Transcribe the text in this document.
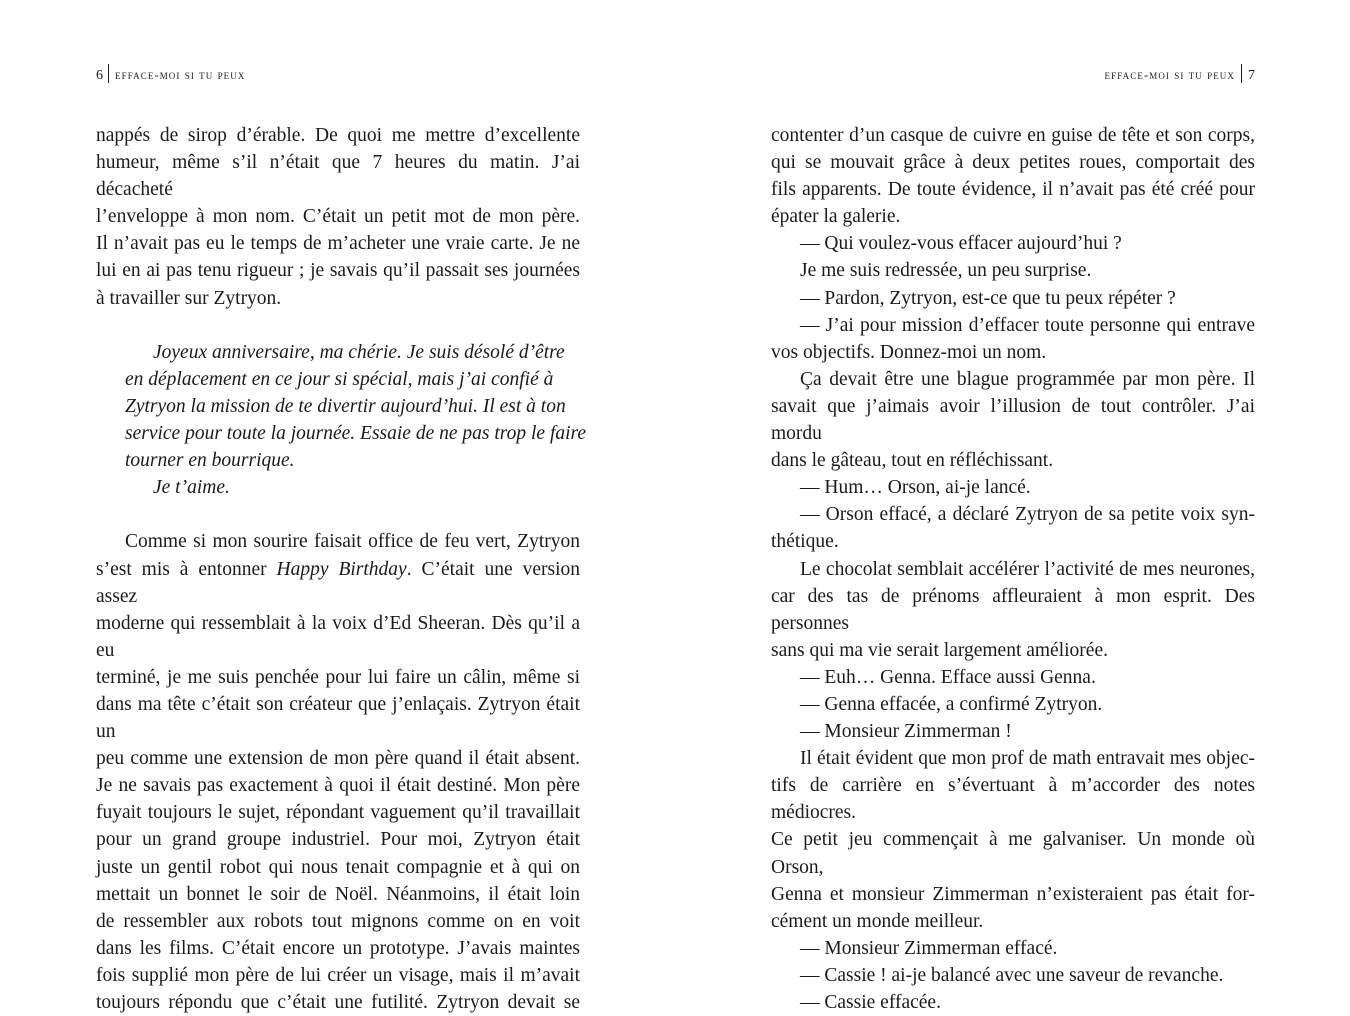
6 efface-moi si tu peux
nappés de sirop d’érable. De quoi me mettre d’excellente
humeur, même s’il n’était que 7 heures du matin. J’ai décacheté
l’enveloppe à mon nom. C’était un petit mot de mon père.
Il n’avait pas eu le temps de m’acheter une vraie carte. Je ne
lui en ai pas tenu rigueur ; je savais qu’il passait ses journées
à travailler sur Zytryon.
Joyeux anniversaire, ma chérie. Je suis désolé d’être
en déplacement en ce jour si spécial, mais j’ai confié à
Zytryon la mission de te divertir aujourd’hui. Il est à ton
service pour toute la journée. Essaie de ne pas trop le faire
tourner en bourrique.
Je t’aime.
Comme si mon sourire faisait office de feu vert, Zytryon
s’est mis à entonner Happy Birthday. C’était une version assez
moderne qui ressemblait à la voix d’Ed Sheeran. Dès qu’il a eu
terminé, je me suis penchée pour lui faire un câlin, même si
dans ma tête c’était son créateur que j’enlaçais. Zytryon était un
peu comme une extension de mon père quand il était absent.
Je ne savais pas exactement à quoi il était destiné. Mon père
fuyait toujours le sujet, répondant vaguement qu’il travaillait
pour un grand groupe industriel. Pour moi, Zytryon était
juste un gentil robot qui nous tenait compagnie et à qui on
mettait un bonnet le soir de Noël. Néanmoins, il était loin
de ressembler aux robots tout mignons comme on en voit
dans les films. C’était encore un prototype. J’avais maintes
fois supplié mon père de lui créer un visage, mais il m’avait
toujours répondu que c’était une futilité. Zytryon devait se
efface-moi si tu peux 7
contenter d’un casque de cuivre en guise de tête et son corps,
qui se mouvait grâce à deux petites roues, comportait des
fils apparents. De toute évidence, il n’avait pas été créé pour
épater la galerie.
— Qui voulez-vous effacer aujourd’hui ?
Je me suis redressée, un peu surprise.
— Pardon, Zytryon, est-ce que tu peux répéter ?
— J’ai pour mission d’effacer toute personne qui entrave
vos objectifs. Donnez-moi un nom.
Ça devait être une blague programmée par mon père. Il
savait que j’aimais avoir l’illusion de tout contrôler. J’ai mordu
dans le gâteau, tout en réfléchissant.
— Hum… Orson, ai-je lancé.
— Orson effacé, a déclaré Zytryon de sa petite voix syn-
thétique.
Le chocolat semblait accélérer l’activité de mes neurones,
car des tas de prénoms affleuraient à mon esprit. Des personnes
sans qui ma vie serait largement améliorée.
— Euh… Genna. Efface aussi Genna.
— Genna effacée, a confirmé Zytryon.
— Monsieur Zimmerman !
Il était évident que mon prof de math entravait mes objec-
tifs de carrière en s’évertuant à m’accorder des notes médiocres.
Ce petit jeu commençait à me galvaniser. Un monde où Orson,
Genna et monsieur Zimmerman n’existeraient pas était for-
cément un monde meilleur.
— Monsieur Zimmerman effacé.
— Cassie ! ai-je balancé avec une saveur de revanche.
— Cassie effacée.
